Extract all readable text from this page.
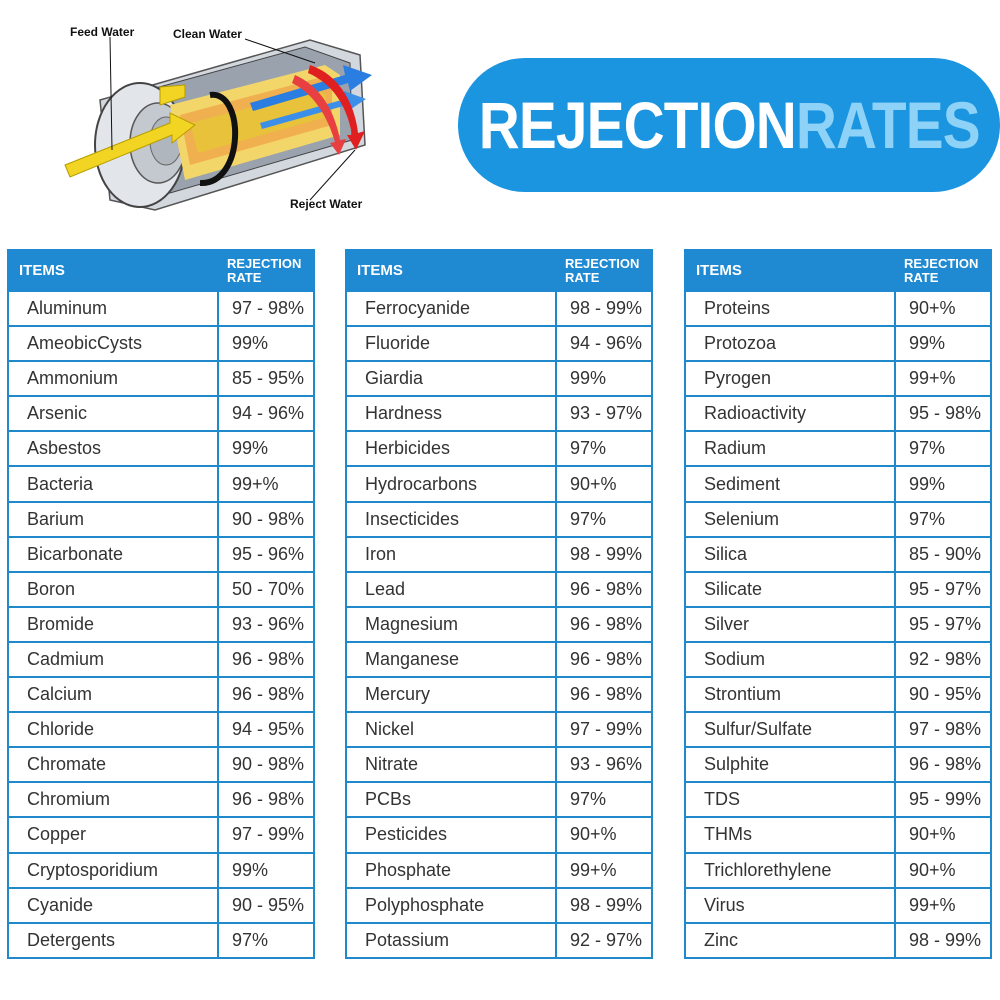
Feed Water	Clean Water
Reject Water
REJECTIONRATES
ITEMS	REJECTION
RATE

Aluminum	97 - 98%
AmeobicCysts	99%
Ammonium	85 - 95%
Arsenic	94 - 96%
Asbestos	99%
Bacteria	99+%
Barium	90 - 98%
Bicarbonate	95 - 96%
Boron	50 - 70%
Bromide	93 - 96%
Cadmium	96 - 98%
Calcium	96 - 98%
Chloride	94 - 95%
Chromate	90 - 98%
Chromium	96 - 98%
Copper	97 - 99%
Cryptosporidium	99%
Cyanide	90 - 95%
Detergents	97%
ITEMS	REJECTION
RATE

Ferrocyanide	98 - 99%
Fluoride	94 - 96%
Giardia	99%
Hardness	93 - 97%
Herbicides	97%
Hydrocarbons	90+%
Insecticides	97%
Iron	98 - 99%
Lead	96 - 98%
Magnesium	96 - 98%
Manganese	96 - 98%
Mercury	96 - 98%
Nickel	97 - 99%
Nitrate	93 - 96%
PCBs	97%
Pesticides	90+%
Phosphate	99+%
Polyphosphate	98 - 99%
Potassium	92 - 97%
ITEMS	REJECTION
RATE

Proteins	90+%
Protozoa	99%
Pyrogen	99+%
Radioactivity	95 - 98%
Radium	97%
Sediment	99%
Selenium	97%
Silica	85 - 90%
Silicate	95 - 97%
Silver	95 - 97%
Sodium	92 - 98%
Strontium	90 - 95%
Sulfur/Sulfate	97 - 98%
Sulphite	96 - 98%
TDS	95 - 99%
THMs	90+%
Trichlorethylene	90+%
Virus	99+%
Zinc	98 - 99%
